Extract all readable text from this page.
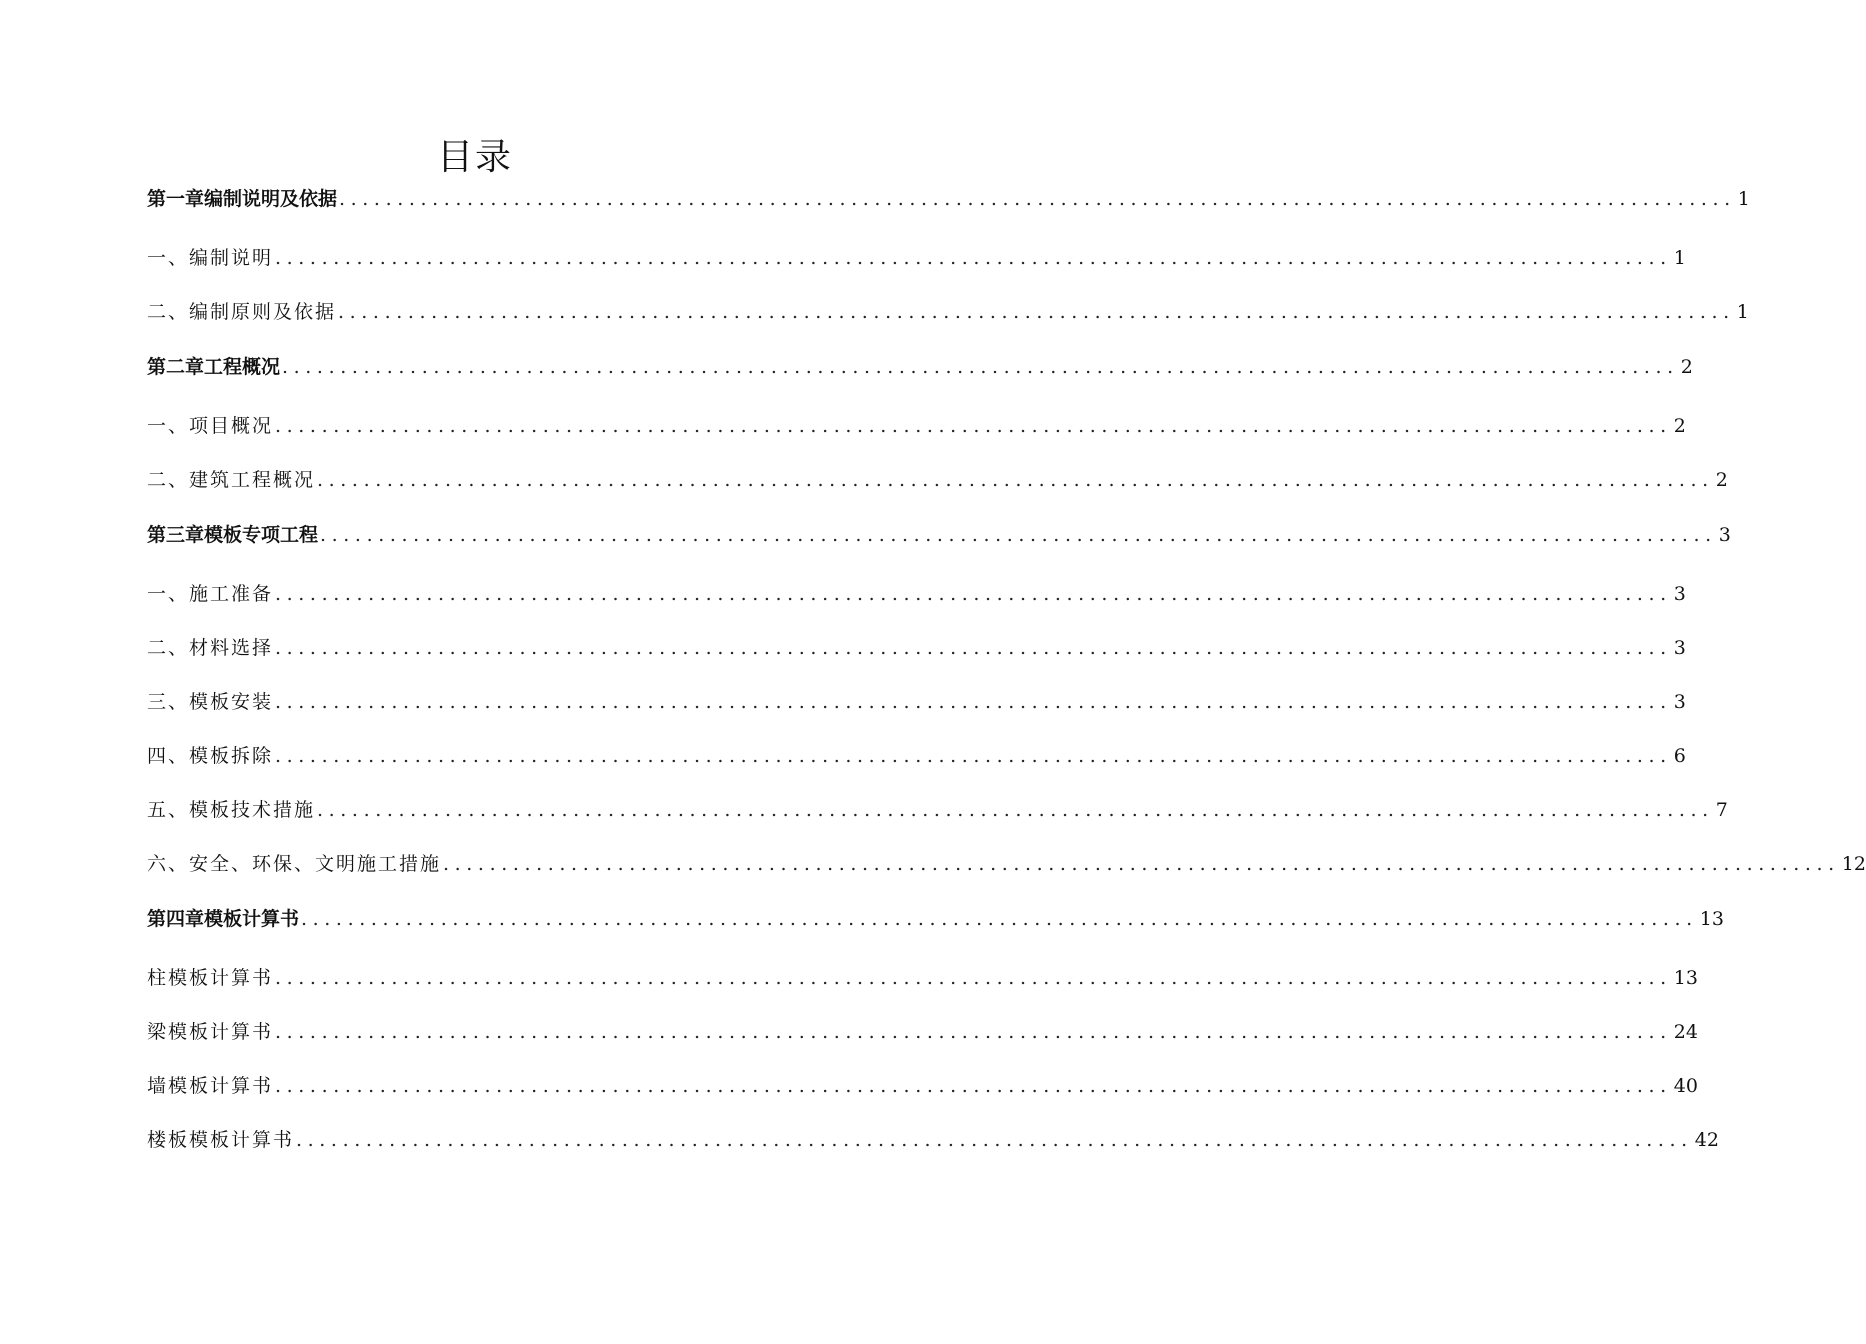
目录
第一章编制说明及依据 ........................................................................................................................ 1
一、编制说明 ........................................................................................................................ 1
二、编制原则及依据 ........................................................................................................................ 1
第二章工程概况 ........................................................................................................................ 2
一、项目概况 ........................................................................................................................ 2
二、建筑工程概况 ........................................................................................................................ 2
第三章模板专项工程 ........................................................................................................................ 3
一、施工准备 ........................................................................................................................ 3
二、材料选择 ........................................................................................................................ 3
三、模板安装 ........................................................................................................................ 3
四、模板拆除 ........................................................................................................................ 6
五、模板技术措施 ........................................................................................................................ 7
六、安全、环保、文明施工措施 ........................................................................................................................ 12
第四章模板计算书 ........................................................................................................................ 13
柱模板计算书 ........................................................................................................................ 13
梁模板计算书 ........................................................................................................................ 24
墙模板计算书 ........................................................................................................................ 40
楼板模板计算书 ........................................................................................................................ 42
